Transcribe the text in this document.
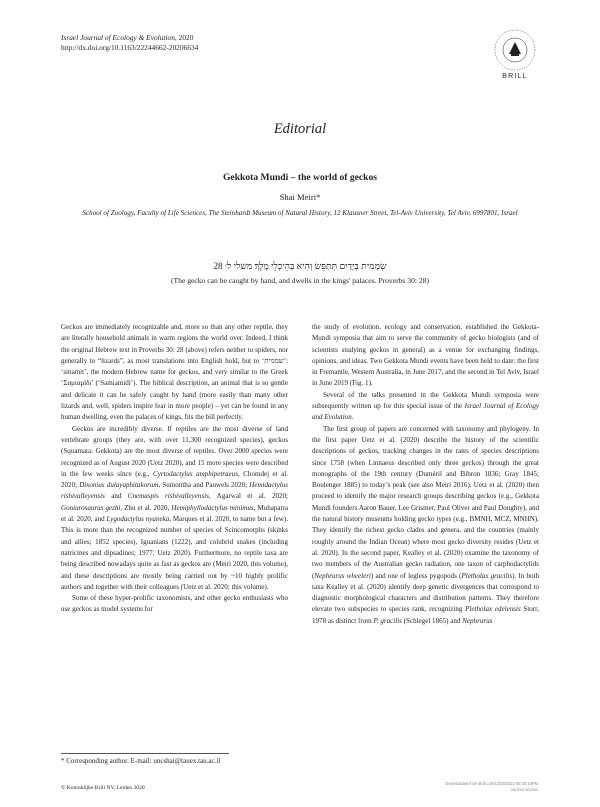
Israel Journal of Ecology & Evolution, 2020
http://dx.doi.org/10.1163/22244662-20206634
BRILL
Editorial
Gekkota Mundi – the world of geckos
Shai Meiri*
School of Zoology, Faculty of Life Sciences, The Steinhardt Museum of Natural History, 12 Klausner Street, Tel-Aviv University, Tel Aviv, 6997801, Israel
שְׂמָמִית בְּיָדַיִם תְּתַפֵּשׂ וְהִיא בְּהֵיכְלֵי מֶלֶךְ׃ משלי ל׳ 28
(The gecko can be caught by hand, and dwells in the kings' palaces. Proverbs 30: 28)

Geckos are immediately recognizable and, more so than any other reptile, they are literally household animals in warm regions the world over. Indeed, I think the original Hebrew text in Proverbs 30: 28 (above) refers neither to spiders, nor generally to “lizards”, as most translations into English hold, but to ‘שממית’: ‘smamit’, the modern Hebrew name for geckos, and very similar to the Greek ‘Σαμιαμίδι’ (‘Samiamidi’). The biblical description, an animal that is so gentle and delicate it can be safely caught by hand (more easily than many other lizards and, well, spiders inspire fear in more people) – yet can be found in any human dwelling, even the palaces of kings, fits the bill perfectly.

Geckos are incredibly diverse. If reptiles are the most diverse of land vertebrate groups (they are, with over 11,300 recognized species), geckos (Squamata: Gekkota) are the most diverse of reptiles. Over 2000 species were recognized as of August 2020 (Uetz 2020), and 15 more species were described in the few weeks since (e.g., Cyrtodactylus amphipetraeus, Chomdej et al. 2020; Dixonius dulayaphitakorum, Sumontha and Pauwels 2020; Hemidactylus rishivalleyensis and Cnemaspis rishivalleyensis, Agarwal et al. 2020; Goniurosaurus gezhi, Zhu et al. 2020, Hemiphyllodactylus minimus, Mohapatra et al. 2020, and Lygodactylus nyaneka, Marques et al. 2020, to name but a few). This is more than the recognized number of species of Scincomorphs (skinks and allies; 1852 species), Iguanians (1222), and colubrid snakes (including natricines and dipsadines; 1977; Uetz 2020). Furthermore, no reptile taxa are being described nowadays quite as fast as geckos are (Meiri 2020, this volume), and these descriptions are mostly being carried out by ~10 highly prolific authors and together with their colleagues (Uetz et al. 2020; this volume).

Some of these hyper-prolific taxonomists, and other gecko enthusiasts who use geckos as model systems for

the study of evolution, ecology and conservation, established the Gekkota-Mundi symposia that aim to serve the community of gecko biologists (and of scientists studying geckos in general) as a venue for exchanging findings, opinions, and ideas. Two Gekkota Mundi events have been held to date: the first in Fremantle, Western Australia, in June 2017, and the second in Tel Aviv, Israel in June 2019 (Fig. 1).

Several of the talks presented in the Gekkota Mundi symposia were subsequently written up for this special issue of the Israel Journal of Ecology and Evolution.

The first group of papers are concerned with taxonomy and phylogeny. In the first paper Uetz et al. (2020) describe the history of the scientific descriptions of geckos, tracking changes in the rates of species descriptions since 1758 (when Linnaeus described only three geckos) through the great monographs of the 19th century (Duméril and Bibron 1836; Gray 1845; Boulenger 1885) to today’s peak (see also Meiri 2016). Uetz et al. (2020) then proceed to identify the major research groups describing geckos (e.g., Gekkota Mundi founders Aaron Bauer, Lee Grismer, Paul Oliver and Paul Doughty), and the natural history museums holding gecko types (e.g., BMNH, MCZ, MNHN). They identify the richest gecko clades and genera, and the countries (mainly roughly around the Indian Ocean) where most gecko diversity resides (Uetz et al. 2020). In the second paper, Kealley et al. (2020) examine the taxonomy of two members of the Australian gecko radiation, one taxon of carphodactylids (Nephrurus wheeleri) and one of legless pygopods (Pletholax gracilis). In both taxa Kealley et al. (2020) identify deep genetic divergences that correspond to diagnostic morphological characters and distribution patterns. They therefore elevate two subspecies to species rank, recognizing Pletholax edelensis Storr, 1978 as distinct from P. gracilis (Schlegel 1865) and Nephrurus

* Corresponding author. E-mail: uncshai@tauex.tau.ac.il
© Koninklijke Brill NV, Leiden 2020
Downloaded from Brill.com12/23/2022 08:40:16PM
via free access
